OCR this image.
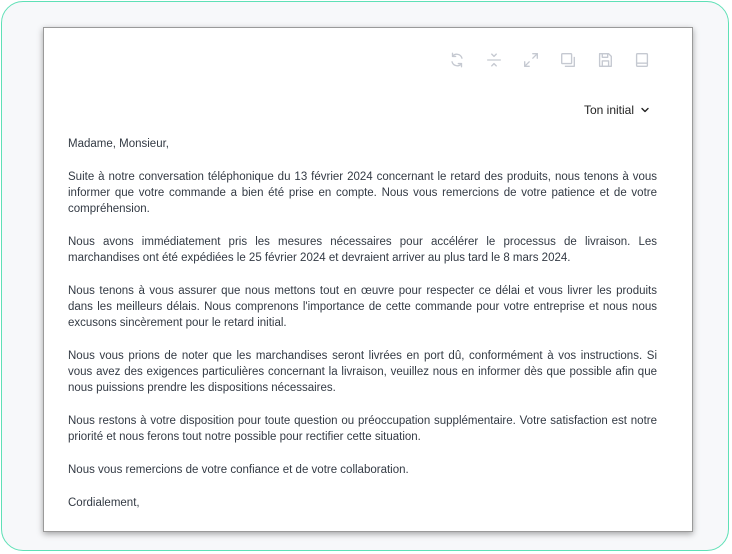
Ton initial

Madame, Monsieur,

Suite à notre conversation téléphonique du 13 février 2024 concernant le retard des produits, nous tenons à vous informer que votre commande a bien été prise en compte. Nous vous remercions de votre patience et de votre compréhension.

Nous avons immédiatement pris les mesures nécessaires pour accélérer le processus de livraison. Les marchandises ont été expédiées le 25 février 2024 et devraient arriver au plus tard le 8 mars 2024.

Nous tenons à vous assurer que nous mettons tout en œuvre pour respecter ce délai et vous livrer les produits dans les meilleurs délais. Nous comprenons l'importance de cette commande pour votre entreprise et nous nous excusons sincèrement pour le retard initial.

Nous vous prions de noter que les marchandises seront livrées en port dû, conformément à vos instructions. Si vous avez des exigences particulières concernant la livraison, veuillez nous en informer dès que possible afin que nous puissions prendre les dispositions nécessaires.

Nous restons à votre disposition pour toute question ou préoccupation supplémentaire. Votre satisfaction est notre priorité et nous ferons tout notre possible pour rectifier cette situation.

Nous vous remercions de votre confiance et de votre collaboration.

Cordialement,
